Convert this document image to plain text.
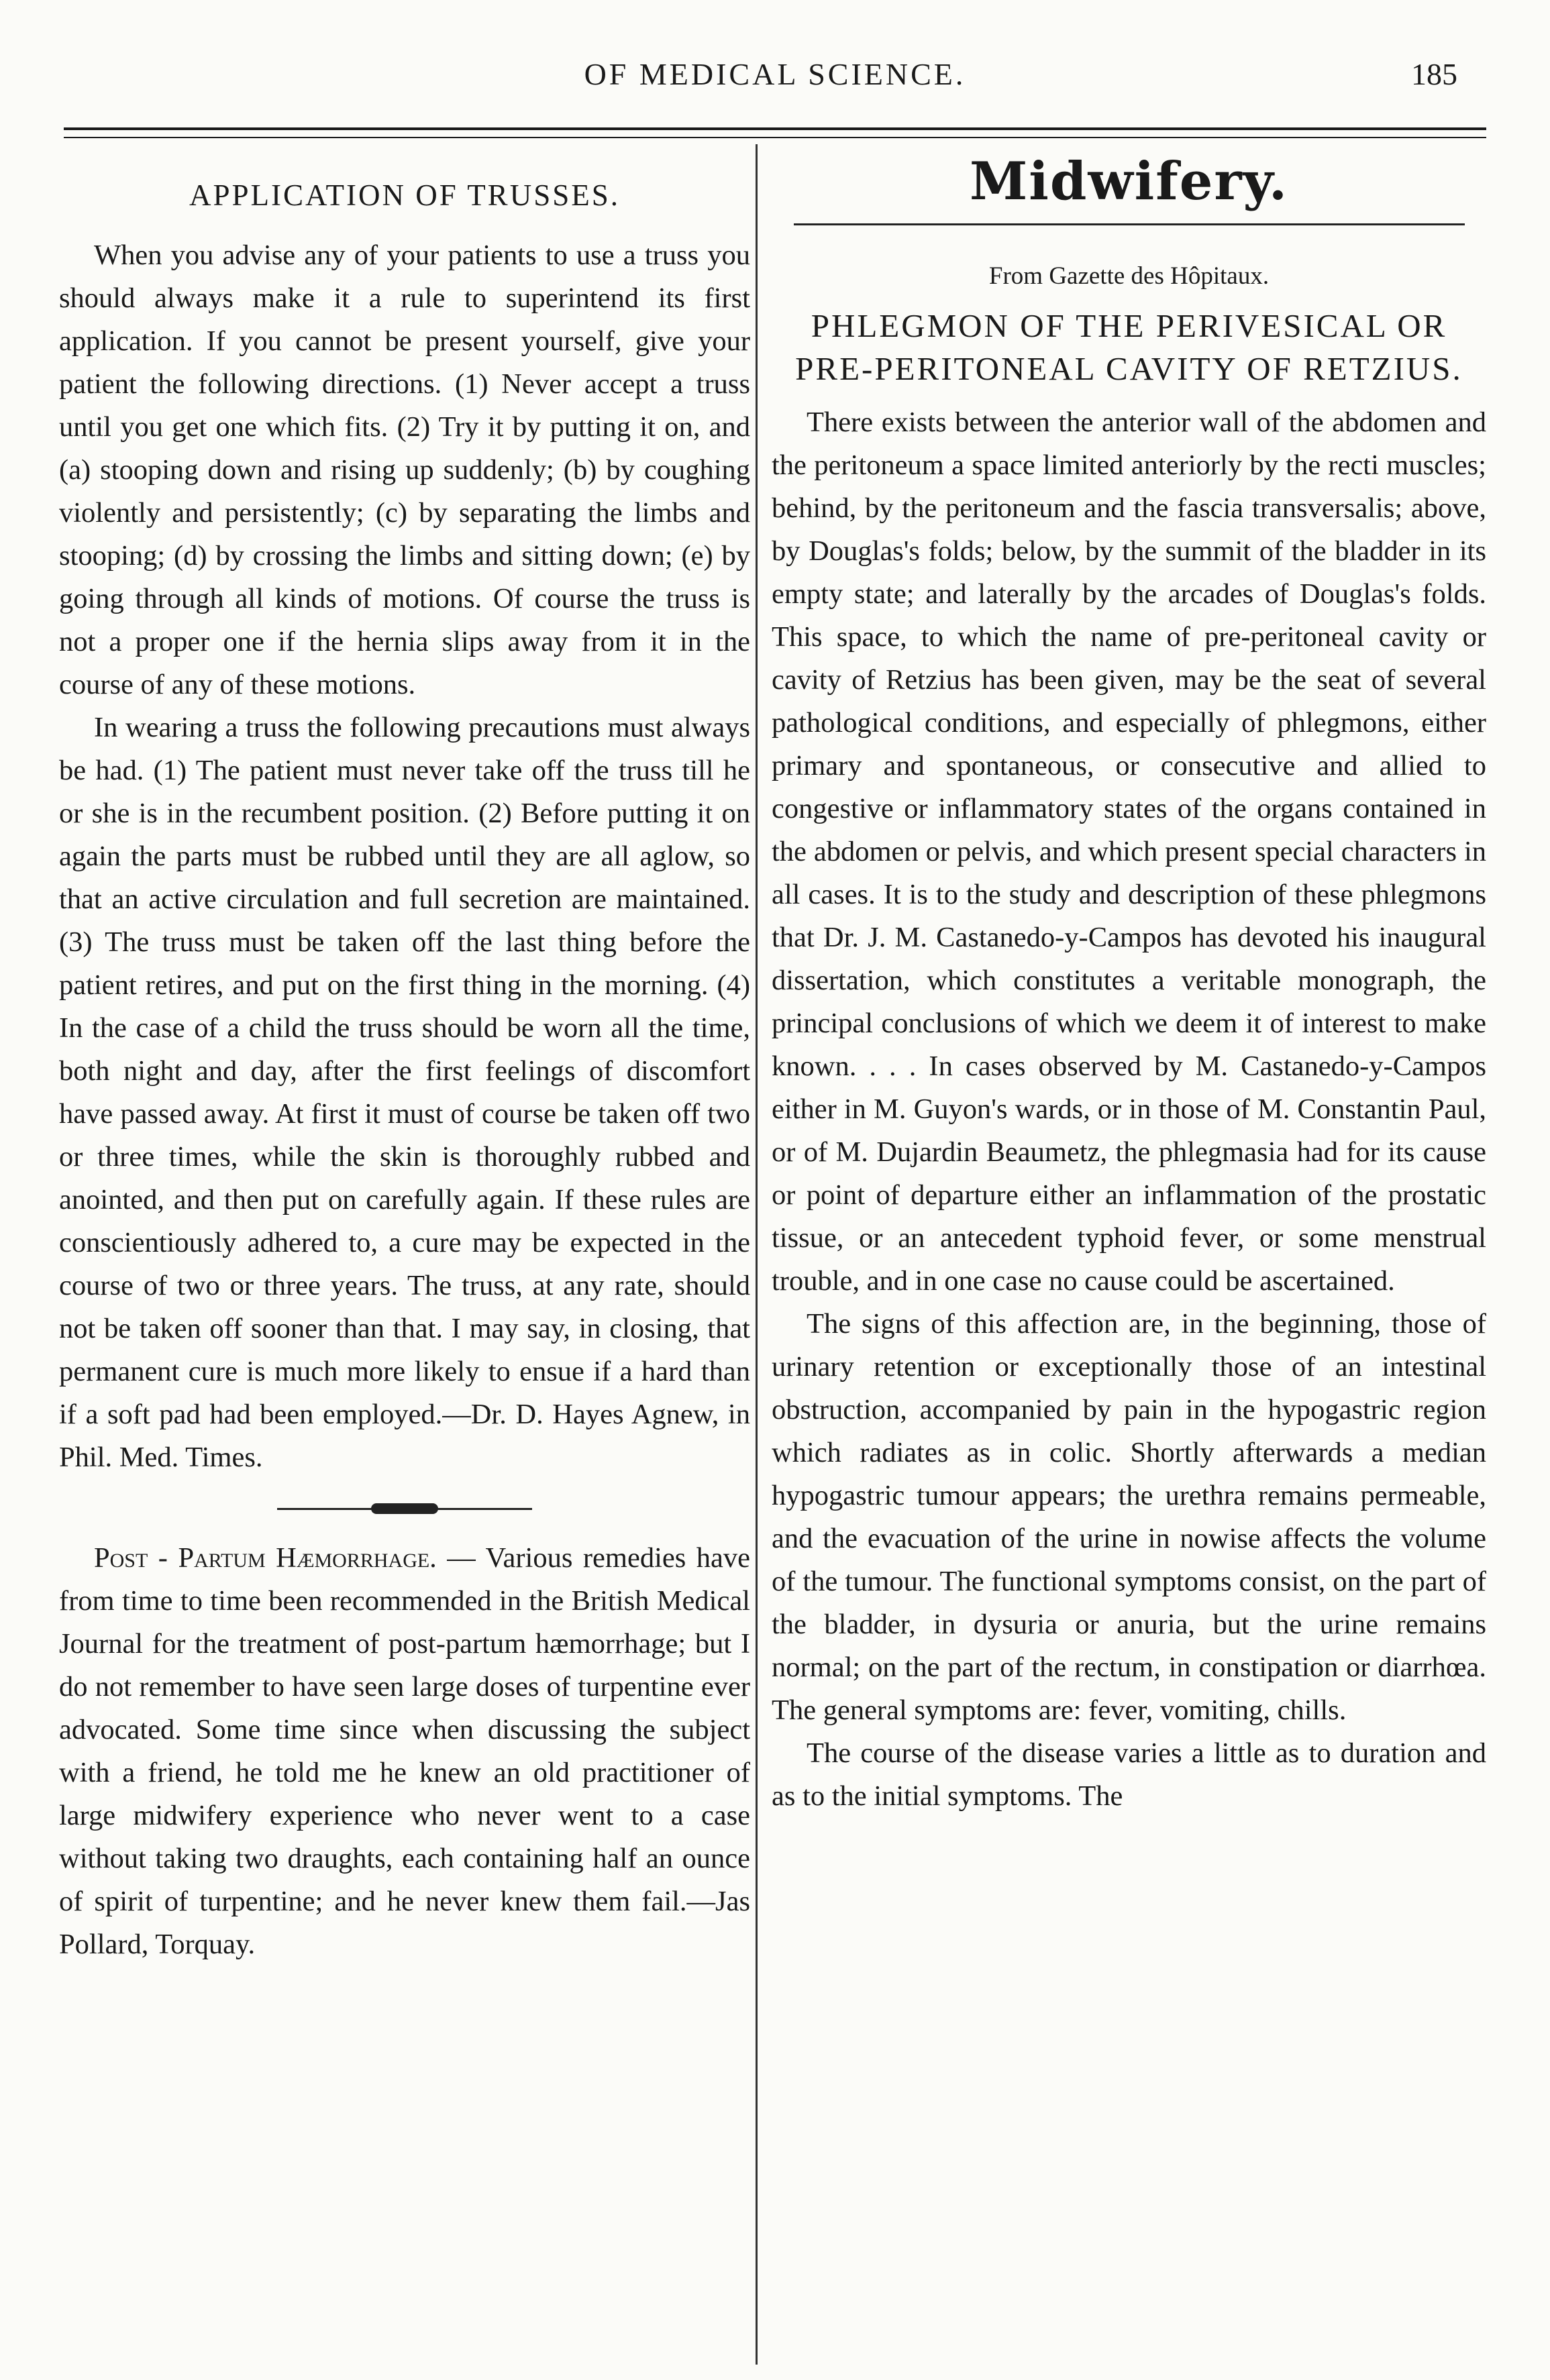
OF MEDICAL SCIENCE.	185
APPLICATION OF TRUSSES.

When you advise any of your patients to use a truss you should always make it a rule to superintend its first application. If you cannot be present yourself, give your patient the following directions. (1) Never accept a truss until you get one which fits. (2) Try it by putting it on, and (a) stooping down and rising up suddenly; (b) by coughing violently and persistently; (c) by separating the limbs and stooping; (d) by crossing the limbs and sitting down; (e) by going through all kinds of motions. Of course the truss is not a proper one if the hernia slips away from it in the course of any of these motions.

In wearing a truss the following precautions must always be had. (1) The patient must never take off the truss till he or she is in the recumbent position. (2) Before putting it on again the parts must be rubbed until they are all aglow, so that an active circulation and full secretion are maintained. (3) The truss must be taken off the last thing before the patient retires, and put on the first thing in the morning. (4) In the case of a child the truss should be worn all the time, both night and day, after the first feelings of discomfort have passed away. At first it must of course be taken off two or three times, while the skin is thoroughly rubbed and anointed, and then put on carefully again. If these rules are conscientiously adhered to, a cure may be expected in the course of two or three years. The truss, at any rate, should not be taken off sooner than that. I may say, in closing, that permanent cure is much more likely to ensue if a hard than if a soft pad had been employed.—Dr. D. Hayes Agnew, in Phil. Med. Times.

Post - Partum Hæmorrhage. — Various remedies have from time to time been recommended in the British Medical Journal for the treatment of post-partum hæmorrhage; but I do not remember to have seen large doses of turpentine ever advocated. Some time since when discussing the subject with a friend, he told me he knew an old practitioner of large midwifery experience who never went to a case without taking two draughts, each containing half an ounce of spirit of turpentine; and he never knew them fail.—Jas Pollard, Torquay.

Midwifery.
From Gazette des Hôpitaux.
PHLEGMON OF THE PERIVESICAL OR PRE-PERITONEAL CAVITY OF RETZIUS.

There exists between the anterior wall of the abdomen and the peritoneum a space limited anteriorly by the recti muscles; behind, by the peritoneum and the fascia transversalis; above, by Douglas's folds; below, by the summit of the bladder in its empty state; and laterally by the arcades of Douglas's folds. This space, to which the name of pre-peritoneal cavity or cavity of Retzius has been given, may be the seat of several pathological conditions, and especially of phlegmons, either primary and spontaneous, or consecutive and allied to congestive or inflammatory states of the organs contained in the abdomen or pelvis, and which present special characters in all cases. It is to the study and description of these phlegmons that Dr. J. M. Castanedo-y-Campos has devoted his inaugural dissertation, which constitutes a veritable monograph, the principal conclusions of which we deem it of interest to make known. . . . In cases observed by M. Castanedo-y-Campos either in M. Guyon's wards, or in those of M. Constantin Paul, or of M. Dujardin Beaumetz, the phlegmasia had for its cause or point of departure either an inflammation of the prostatic tissue, or an antecedent typhoid fever, or some menstrual trouble, and in one case no cause could be ascertained.

The signs of this affection are, in the beginning, those of urinary retention or exceptionally those of an intestinal obstruction, accompanied by pain in the hypogastric region which radiates as in colic. Shortly afterwards a median hypogastric tumour appears; the urethra remains permeable, and the evacuation of the urine in nowise affects the volume of the tumour. The functional symptoms consist, on the part of the bladder, in dysuria or anuria, but the urine remains normal; on the part of the rectum, in constipation or diarrhœa. The general symptoms are: fever, vomiting, chills.

The course of the disease varies a little as to duration and as to the initial symptoms. The
